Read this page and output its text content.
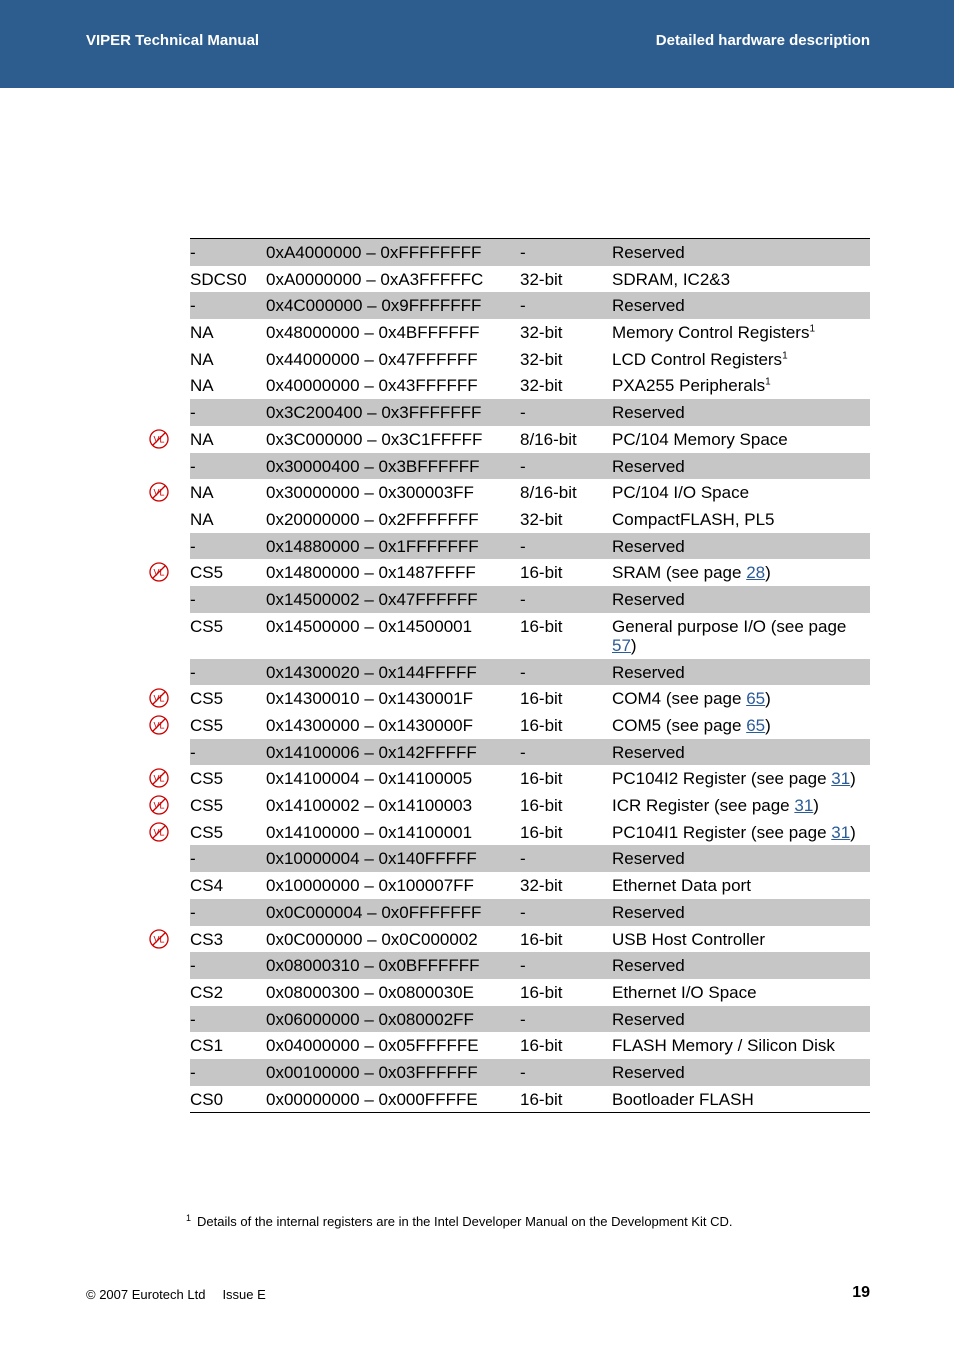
VIPER Technical Manual	Detailed hardware description
-	0xA4000000 – 0xFFFFFFFF	-	Reserved
SDCS0	0xA0000000 – 0xA3FFFFFC	32-bit	SDRAM, IC2&3
-	0x4C000000 – 0x9FFFFFFF	-	Reserved
NA	0x48000000 – 0x4BFFFFFF	32-bit	Memory Control Registers$^1$
NA	0x44000000 – 0x47FFFFFF	32-bit	LCD Control Registers$^1$
NA	0x40000000 – 0x43FFFFFF	32-bit	PXA255 Peripherals$^1$
-	0x3C200400 – 0x3FFFFFFF	-	Reserved
VL NA	0x3C000000 – 0x3C1FFFFF	8/16-bit	PC/104 Memory Space
-	0x30000400 – 0x3BFFFFFF	-	Reserved
VL NA	0x30000000 – 0x300003FF	8/16-bit	PC/104 I/O Space
NA	0x20000000 – 0x2FFFFFFF	32-bit	CompactFLASH, PL5
-	0x14880000 – 0x1FFFFFFF	-	Reserved
VL CS5	0x14800000 – 0x1487FFFF	16-bit	SRAM (see page 28)
-	0x14500002 – 0x47FFFFFF	-	Reserved
CS5	0x14500000 – 0x14500001	16-bit	General purpose I/O (see page 57)
-	0x14300020 – 0x144FFFFF	-	Reserved
VL CS5	0x14300010 – 0x1430001F	16-bit	COM4 (see page 65)
VL CS5	0x14300000 – 0x1430000F	16-bit	COM5 (see page 65)
-	0x14100006 – 0x142FFFFF	-	Reserved
VL CS5	0x14100004 – 0x14100005	16-bit	PC104I2 Register (see page 31)
VL CS5	0x14100002 – 0x14100003	16-bit	ICR Register (see page 31)
VL CS5	0x14100000 – 0x14100001	16-bit	PC104I1 Register (see page 31)
-	0x10000004 – 0x140FFFFF	-	Reserved
CS4	0x10000000 – 0x100007FF	32-bit	Ethernet Data port
-	0x0C000004 – 0x0FFFFFFF	-	Reserved
VL CS3	0x0C000000 – 0x0C000002	16-bit	USB Host Controller
-	0x08000310 – 0x0BFFFFFF	-	Reserved
CS2	0x08000300 – 0x0800030E	16-bit	Ethernet I/O Space
-	0x06000000 – 0x080002FF	-	Reserved
CS1	0x04000000 – 0x05FFFFFE	16-bit	FLASH Memory / Silicon Disk
-	0x00100000 – 0x03FFFFFF	-	Reserved
CS0	0x00000000 – 0x000FFFFE	16-bit	Bootloader FLASH
$^1$ Details of the internal registers are in the Intel Developer Manual on the Development Kit CD.
© 2007 Eurotech Ltd Issue E	19
